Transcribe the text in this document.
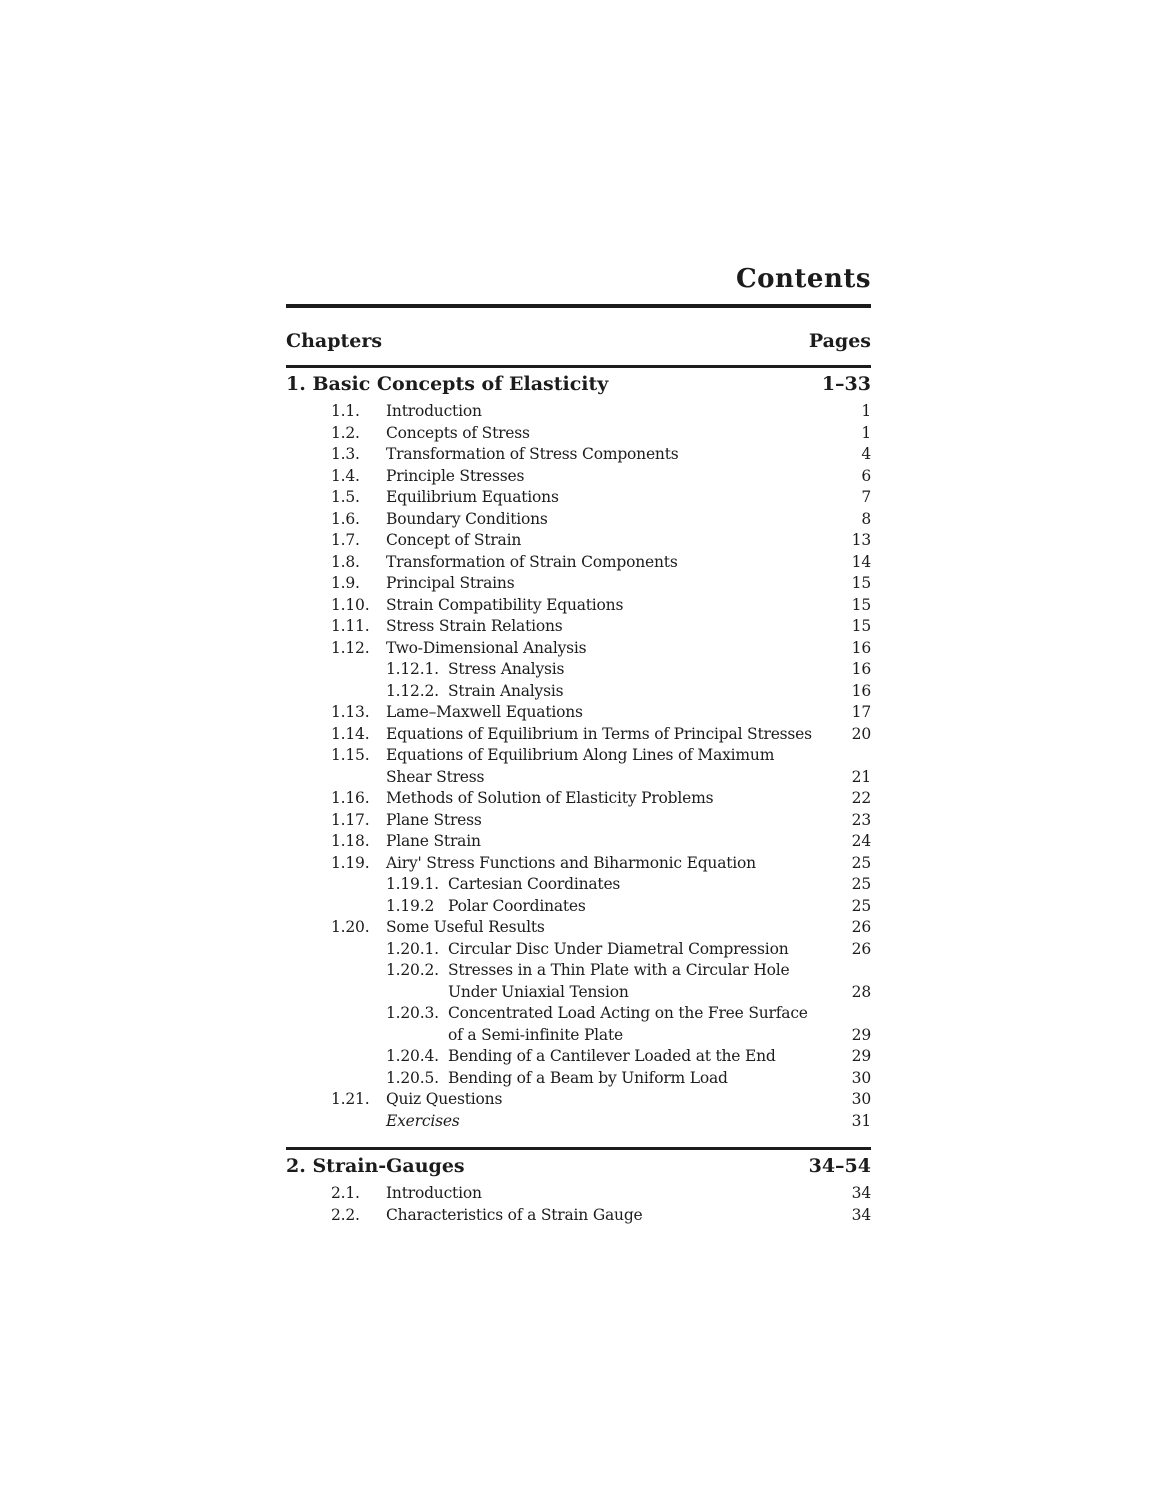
Contents
Chapters	Pages
1. Basic Concepts of Elasticity	1–33
1.1.	Introduction	1
1.2.	Concepts of Stress	1
1.3.	Transformation of Stress Components	4
1.4.	Principle Stresses	6
1.5.	Equilibrium Equations	7
1.6.	Boundary Conditions	8
1.7.	Concept of Strain	13
1.8.	Transformation of Strain Components	14
1.9.	Principal Strains	15
1.10.	Strain Compatibility Equations	15
1.11.	Stress Strain Relations	15
1.12.	Two-Dimensional Analysis	16
1.12.1. Stress Analysis	16
1.12.2. Strain Analysis	16
1.13.	Lame–Maxwell Equations	17
1.14.	Equations of Equilibrium in Terms of Principal Stresses	20
1.15.	Equations of Equilibrium Along Lines of Maximum
Shear Stress	21
1.16.	Methods of Solution of Elasticity Problems	22
1.17.	Plane Stress	23
1.18.	Plane Strain	24
1.19.	Airy' Stress Functions and Biharmonic Equation	25
1.19.1. Cartesian Coordinates	25
1.19.2 Polar Coordinates	25
1.20.	Some Useful Results	26
1.20.1. Circular Disc Under Diametral Compression	26
1.20.2. Stresses in a Thin Plate with a Circular Hole
Under Uniaxial Tension	28
1.20.3. Concentrated Load Acting on the Free Surface
of a Semi-infinite Plate	29
1.20.4. Bending of a Cantilever Loaded at the End	29
1.20.5. Bending of a Beam by Uniform Load	30
1.21.	Quiz Questions	30
Exercises	31
2. Strain-Gauges	34–54
2.1.	Introduction	34
2.2.	Characteristics of a Strain Gauge	34
